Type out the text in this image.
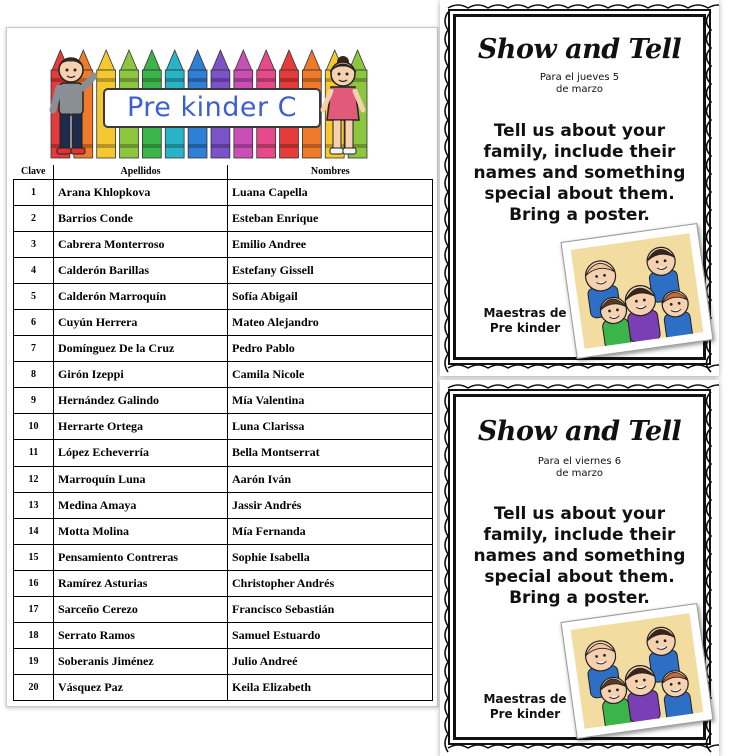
Pre kinder C
Clave	Apellidos	Nombres
1	Arana Khlopkova	Luana Capella
2	Barrios Conde	Esteban Enrique
3	Cabrera Monterroso	Emilio Andree
4	Calderón Barillas	Estefany Gissell
5	Calderón Marroquín	Sofía Abigail
6	Cuyún Herrera	Mateo Alejandro
7	Domínguez De la Cruz	Pedro Pablo
8	Girón Izeppi	Camila Nicole
9	Hernández Galindo	Mía Valentina
10	Herrarte Ortega	Luna Clarissa
11	López Echeverría	Bella Montserrat
12	Marroquín Luna	Aarón Iván
13	Medina Amaya	Jassir Andrés
14	Motta Molina	Mía Fernanda
15	Pensamiento Contreras	Sophie Isabella
16	Ramírez Asturias	Christopher Andrés
17	Sarceño Cerezo	Francisco Sebastián
18	Serrato Ramos	Samuel Estuardo
19	Soberanis Jiménez	Julio Andreé
20	Vásquez Paz	Keila Elizabeth
Show and Tell
Para el jueves 5
de marzo
Tell us about your family, include their names and something special about them. Bring a poster.
Maestras de
Pre kinder
Show and Tell
Para el viernes 6
de marzo
Tell us about your family, include their names and something special about them. Bring a poster.
Maestras de
Pre kinder
